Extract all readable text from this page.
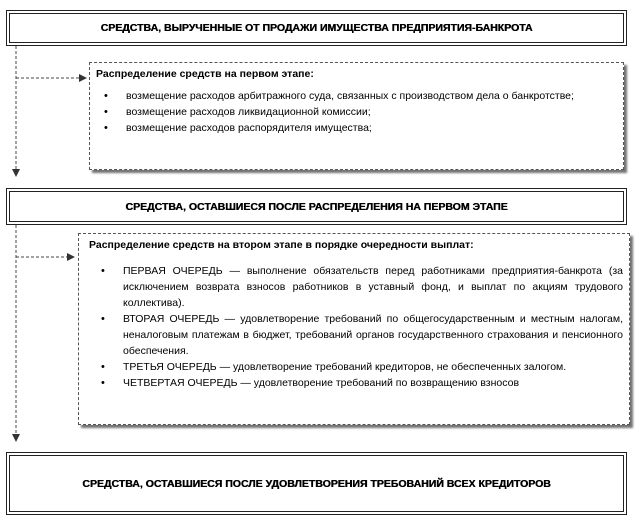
СРЕДСТВА, ВЫРУЧЕННЫЕ ОТ ПРОДАЖИ ИМУЩЕСТВА ПРЕДПРИЯТИЯ-БАНКРОТА
Распределение средств на первом этапе:
• возмещение расходов арбитражного суда, связанных с производством дела о банкротстве;
• возмещение расходов ликвидационной комиссии;
• возмещение расходов распорядителя имущества;
СРЕДСТВА, ОСТАВШИЕСЯ ПОСЛЕ РАСПРЕДЕЛЕНИЯ НА ПЕРВОМ ЭТАПЕ
Распределение средств на втором этапе в порядке очередности выплат:
• ПЕРВАЯ ОЧЕРЕДЬ — выполнение обязательств перед работниками предприятия-банкрота (за исключением возврата взносов работников в уставный фонд, и выплат по акциям трудового коллектива).
• ВТОРАЯ ОЧЕРЕДЬ — удовлетворение требований по общегосударственным и местным налогам, неналоговым платежам в бюджет, требований органов государственного страхования и пенсионного обеспечения.
• ТРЕТЬЯ ОЧЕРЕДЬ — удовлетворение требований кредиторов, не обеспеченных залогом.
• ЧЕТВЕРТАЯ ОЧЕРЕДЬ — удовлетворение требований по возвращению взносов
СРЕДСТВА, ОСТАВШИЕСЯ ПОСЛЕ УДОВЛЕТВОРЕНИЯ ТРЕБОВАНИЙ ВСЕХ КРЕДИТОРОВ
